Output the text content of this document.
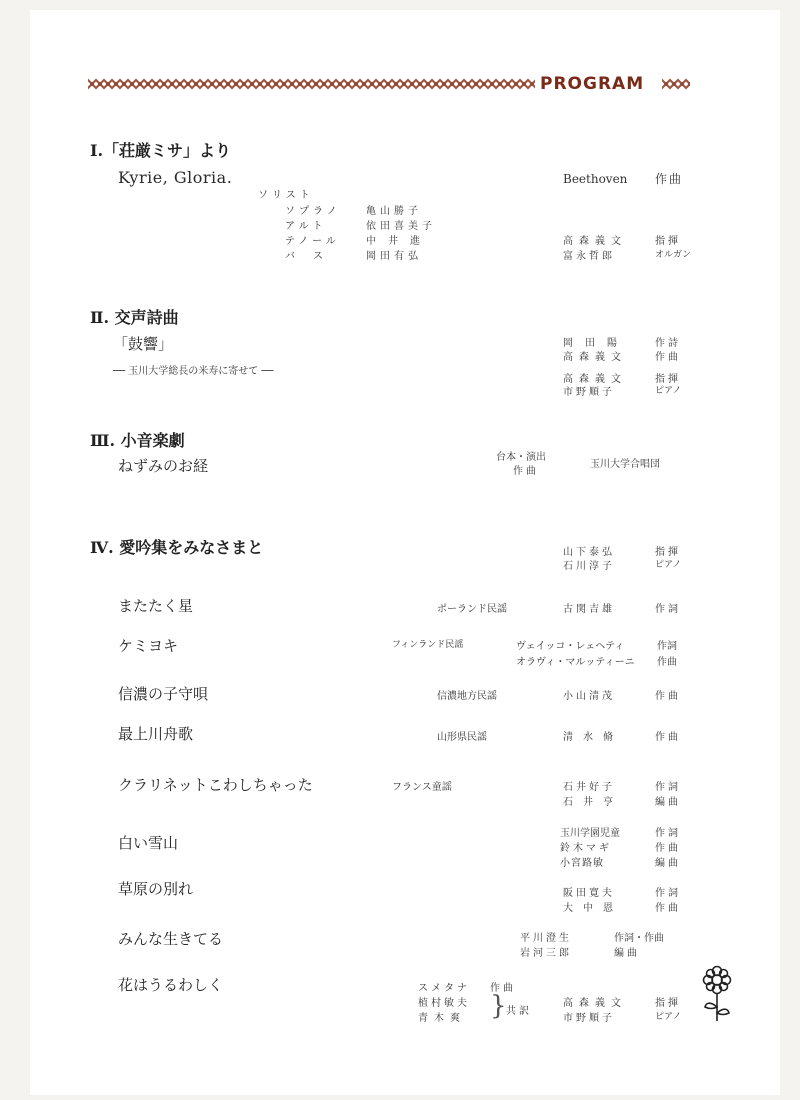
PROGRAM
Ⅰ.「荘厳ミサ」より
Kyrie, Gloria.	Beethoven 作曲
ソリスト
ソプラノ	亀山勝子
アルト	依田喜美子
テノール	中井進
バス	岡田有弘
高森義文	指揮
富永哲郎	オルガン
Ⅱ. 交声詩曲
「鼓響」
── 玉川大学総長の米寿に寄せて ──
岡田陽	作詩
高森義文	作曲
高森義文	指揮
市野順子	ピアノ
Ⅲ. 小音楽劇
ねずみのお経	台本・演出
作曲
玉川大学合唱団
Ⅳ. 愛吟集をみなさまと	山下泰弘	指揮
石川淳子	ピアノ
またたく星	ポーランド民謡	古関吉雄	作詞
ケミヨキ	フィンランド民謡	ヴェイッコ・レェヘティ	作詞
オラヴィ・マルッティーニ 作曲
信濃の子守唄	信濃地方民謡	小山清茂	作曲
最上川舟歌	山形県民謡	清水脩	作曲
クラリネットこわしちゃった	フランス童謡	石井好子	作詞
石井亨	編曲
白い雪山
玉川学園児童	作詞
鈴木マギ	作曲
小宮路敏	編曲
草原の別れ	阪田寛夫	作詞
大中恩	作曲
みんな生きてる	平川澄生	作詞・作曲
岩河三郎	編曲
花はうるわしく	スメタナ 作曲
植村敏夫
青木爽 } 共訳
高森義文	指揮
市野順子	ピアノ
